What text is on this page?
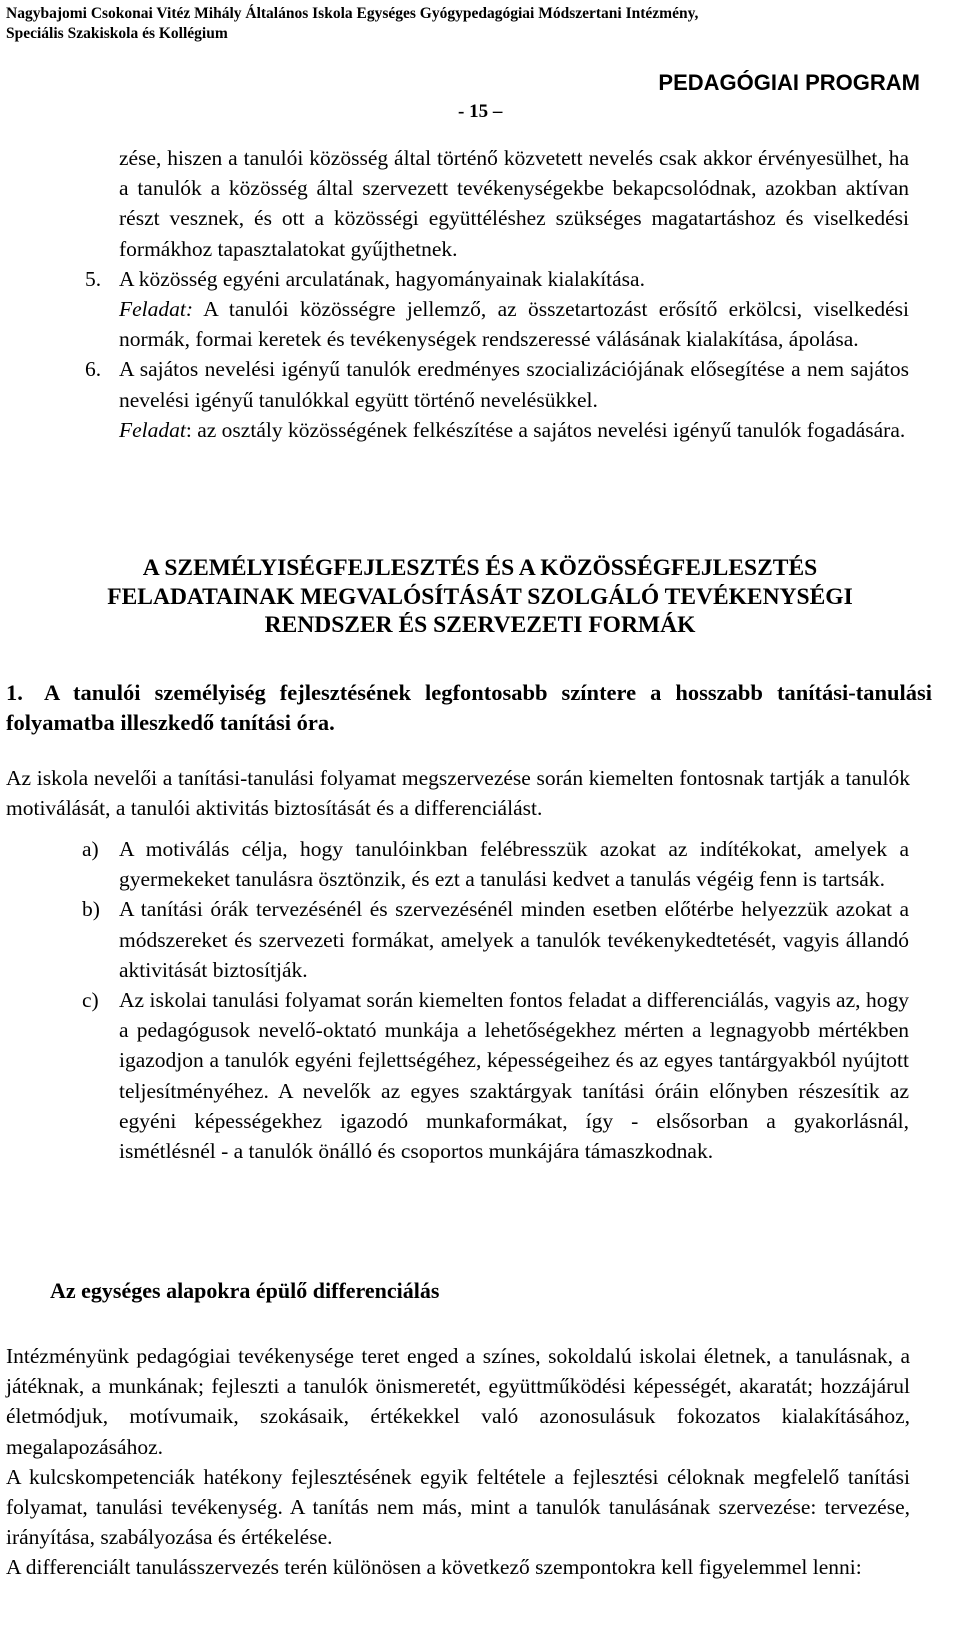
Nagybajomi Csokonai Vitéz Mihály Általános Iskola Egységes Gyógypedagógiai Módszertani Intézmény,
Speciális Szakiskola és Kollégium
PEDAGÓGIAI PROGRAM
- 15 –
zése, hiszen a tanulói közösség által történő közvetett nevelés csak akkor érvényesülhet, ha a tanulók a közösség által szervezett tevékenységekbe bekapcsolódnak, azokban aktívan részt vesznek, és ott a közösségi együttéléshez szükséges magatartáshoz és viselkedési formákhoz tapasztalatokat gyűjthetnek.
5. A közösség egyéni arculatának, hagyományainak kialakítása.
Feladat: A tanulói közösségre jellemző, az összetartozást erősítő erkölcsi, viselkedési normák, formai keretek és tevékenységek rendszeressé válásának kialakítása, ápolása.
6. A sajátos nevelési igényű tanulók eredményes szocializációjának elősegítése a nem sajátos nevelési igényű tanulókkal együtt történő nevelésükkel.
Feladat: az osztály közösségének felkészítése a sajátos nevelési igényű tanulók fogadására.
A SZEMÉLYISÉGFEJLESZTÉS ÉS A KÖZÖSSÉGFEJLESZTÉS
FELADATAINAK MEGVALÓSÍTÁSÁT SZOLGÁLÓ TEVÉKENYSÉGI
RENDSZER ÉS SZERVEZETI FORMÁK
1. A tanulói személyiség fejlesztésének legfontosabb színtere a hosszabb tanítási-tanulási folyamatba illeszkedő tanítási óra.
Az iskola nevelői a tanítási-tanulási folyamat megszervezése során kiemelten fontosnak tartják a tanulók motiválását, a tanulói aktivitás biztosítását és a differenciálást.
a) A motiválás célja, hogy tanulóinkban felébresszük azokat az indítékokat, amelyek a gyermekeket tanulásra ösztönzik, és ezt a tanulási kedvet a tanulás végéig fenn is tartsák.
b) A tanítási órák tervezésénél és szervezésénél minden esetben előtérbe helyezzük azokat a módszereket és szervezeti formákat, amelyek a tanulók tevékenykedtetését, vagyis állandó aktivitását biztosítják.
c) Az iskolai tanulási folyamat során kiemelten fontos feladat a differenciálás, vagyis az, hogy a pedagógusok nevelő-oktató munkája a lehetőségekhez mérten a legnagyobb mértékben igazodjon a tanulók egyéni fejlettségéhez, képességeihez és az egyes tantárgyakból nyújtott teljesítményéhez. A nevelők az egyes szaktárgyak tanítási óráin előnyben részesítik az egyéni képességekhez igazodó munkaformákat, így - elsősorban a gyakorlásnál, ismétlésnél - a tanulók önálló és csoportos munkájára támaszkodnak.
Az egységes alapokra épülő differenciálás
Intézményünk pedagógiai tevékenysége teret enged a színes, sokoldalú iskolai életnek, a tanulásnak, a játéknak, a munkának; fejleszti a tanulók önismeretét, együttműködési képességét, akaratát; hozzájárul életmódjuk, motívumaik, szokásaik, értékekkel való azonosulásuk fokozatos kialakításához, megalapozásához.
A kulcskompetenciák hatékony fejlesztésének egyik feltétele a fejlesztési céloknak megfelelő tanítási folyamat, tanulási tevékenység. A tanítás nem más, mint a tanulók tanulásának szervezése: tervezése, irányítása, szabályozása és értékelése.
A differenciált tanulásszervezés terén különösen a következő szempontokra kell figyelemmel lenni:
